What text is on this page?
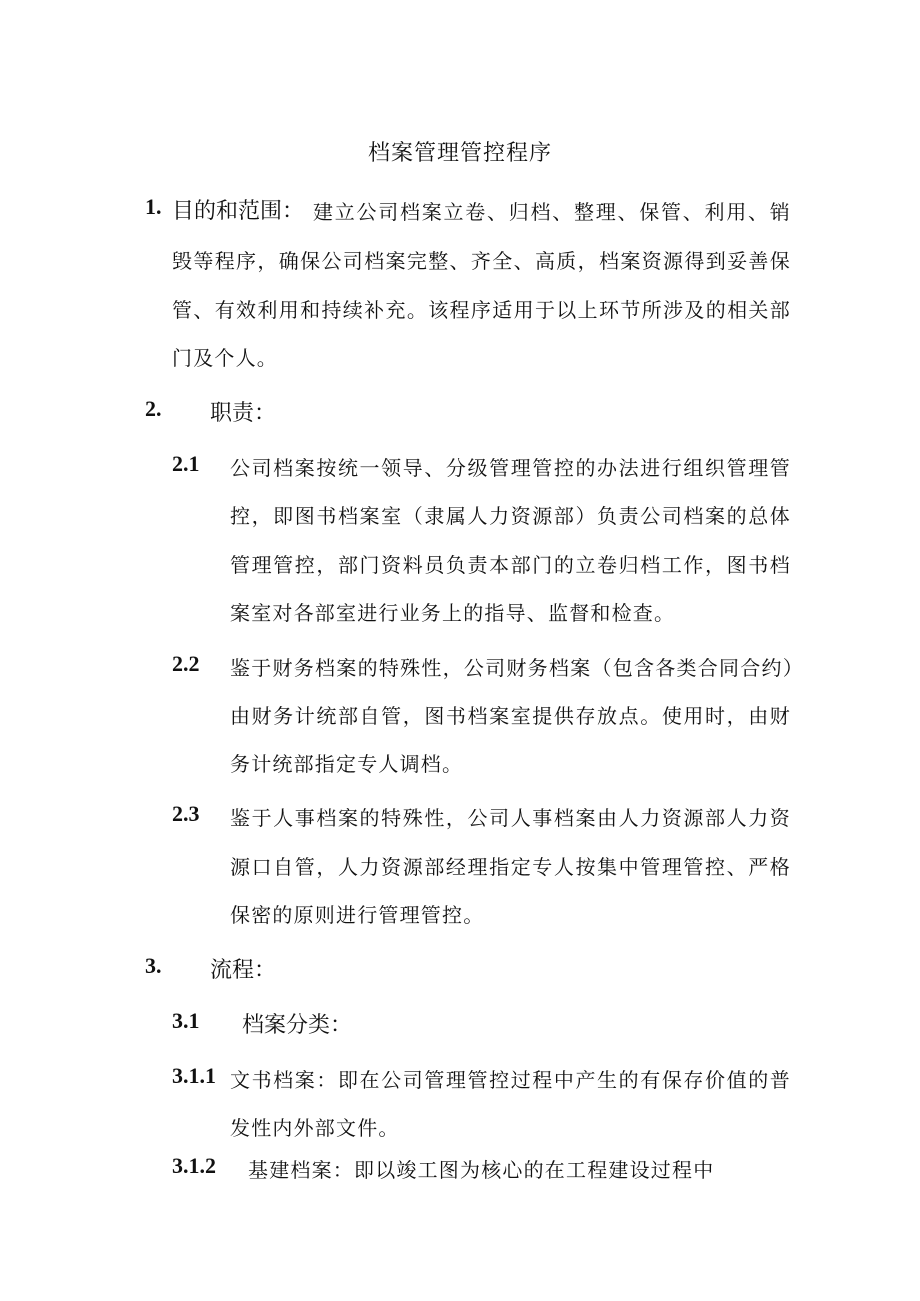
档案管理管控程序
1. 目的和范围： 建立公司档案立卷、归档、整理、保管、利用、销
毁等程序，确保公司档案完整、齐全、高质，档案资源得到妥善保
管、有效利用和持续补充。该程序适用于以上环节所涉及的相关部
门及个人。
2. 职责：
2.1 公司档案按统一领导、分级管理管控的办法进行组织管理管
控，即图书档案室（隶属人力资源部）负责公司档案的总体
管理管控，部门资料员负责本部门的立卷归档工作，图书档
案室对各部室进行业务上的指导、监督和检查。
2.2 鉴于财务档案的特殊性，公司财务档案（包含各类合同合约）
由财务计统部自管，图书档案室提供存放点。使用时，由财
务计统部指定专人调档。
2.3 鉴于人事档案的特殊性，公司人事档案由人力资源部人力资
源口自管，人力资源部经理指定专人按集中管理管控、严格
保密的原则进行管理管控。
3. 流程：
3.1 档案分类：
3.1.1 文书档案：即在公司管理管控过程中产生的有保存价值的普
发性内外部文件。
3.1.2 基建档案：即以竣工图为核心的在工程建设过程中
